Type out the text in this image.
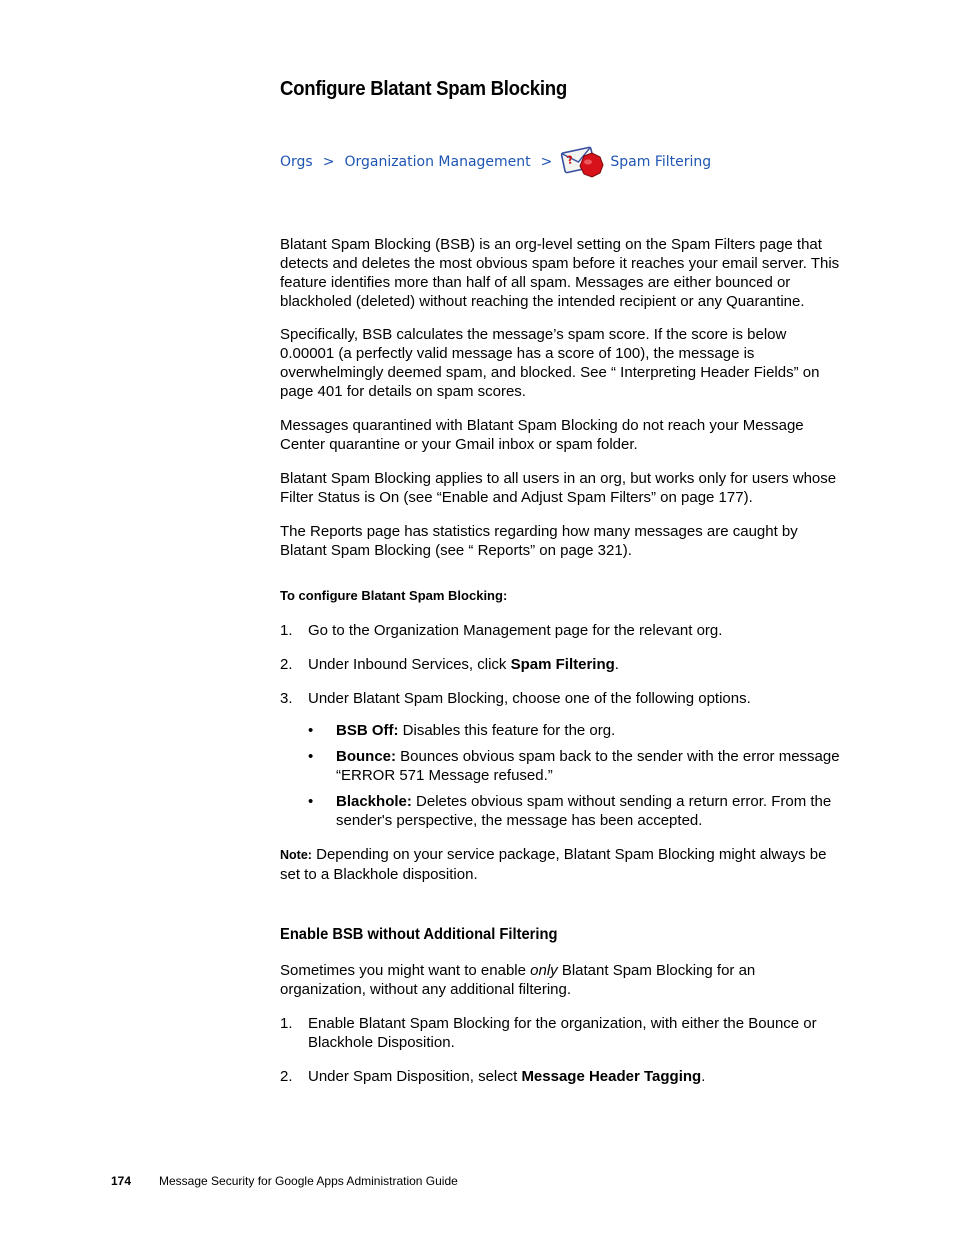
Configure Blatant Spam Blocking
Orgs > Organization Management > ?	Spam Filtering

Blatant Spam Blocking (BSB) is an org-level setting on the Spam Filters page that detects and deletes the most obvious spam before it reaches your email server. This feature identifies more than half of all spam. Messages are either bounced or blackholed (deleted) without reaching the intended recipient or any Quarantine.

Specifically, BSB calculates the message’s spam score. If the score is below 0.00001 (a perfectly valid message has a score of 100), the message is overwhelmingly deemed spam, and blocked. See “ Interpreting Header Fields” on page 401 for details on spam scores.

Messages quarantined with Blatant Spam Blocking do not reach your Message Center quarantine or your Gmail inbox or spam folder.

Blatant Spam Blocking applies to all users in an org, but works only for users whose Filter Status is On (see “Enable and Adjust Spam Filters” on page 177).

The Reports page has statistics regarding how many messages are caught by Blatant Spam Blocking (see “ Reports” on page 321).

To configure Blatant Spam Blocking:
1.	Go to the Organization Management page for the relevant org.
2.	Under Inbound Services, click Spam Filtering.
3.	Under Blatant Spam Blocking, choose one of the following options.
•	BSB Off: Disables this feature for the org.
•	Bounce: Bounces obvious spam back to the sender with the error message “ERROR 571 Message refused.”
•	Blackhole: Deletes obvious spam without sending a return error. From the sender's perspective, the message has been accepted.
Note: Depending on your service package, Blatant Spam Blocking might always be set to a Blackhole disposition.
Enable BSB without Additional Filtering

Sometimes you might want to enable only Blatant Spam Blocking for an organization, without any additional filtering.

1.	Enable Blatant Spam Blocking for the organization, with either the Bounce or Blackhole Disposition.
2.	Under Spam Disposition, select Message Header Tagging.
174	Message Security for Google Apps Administration Guide
